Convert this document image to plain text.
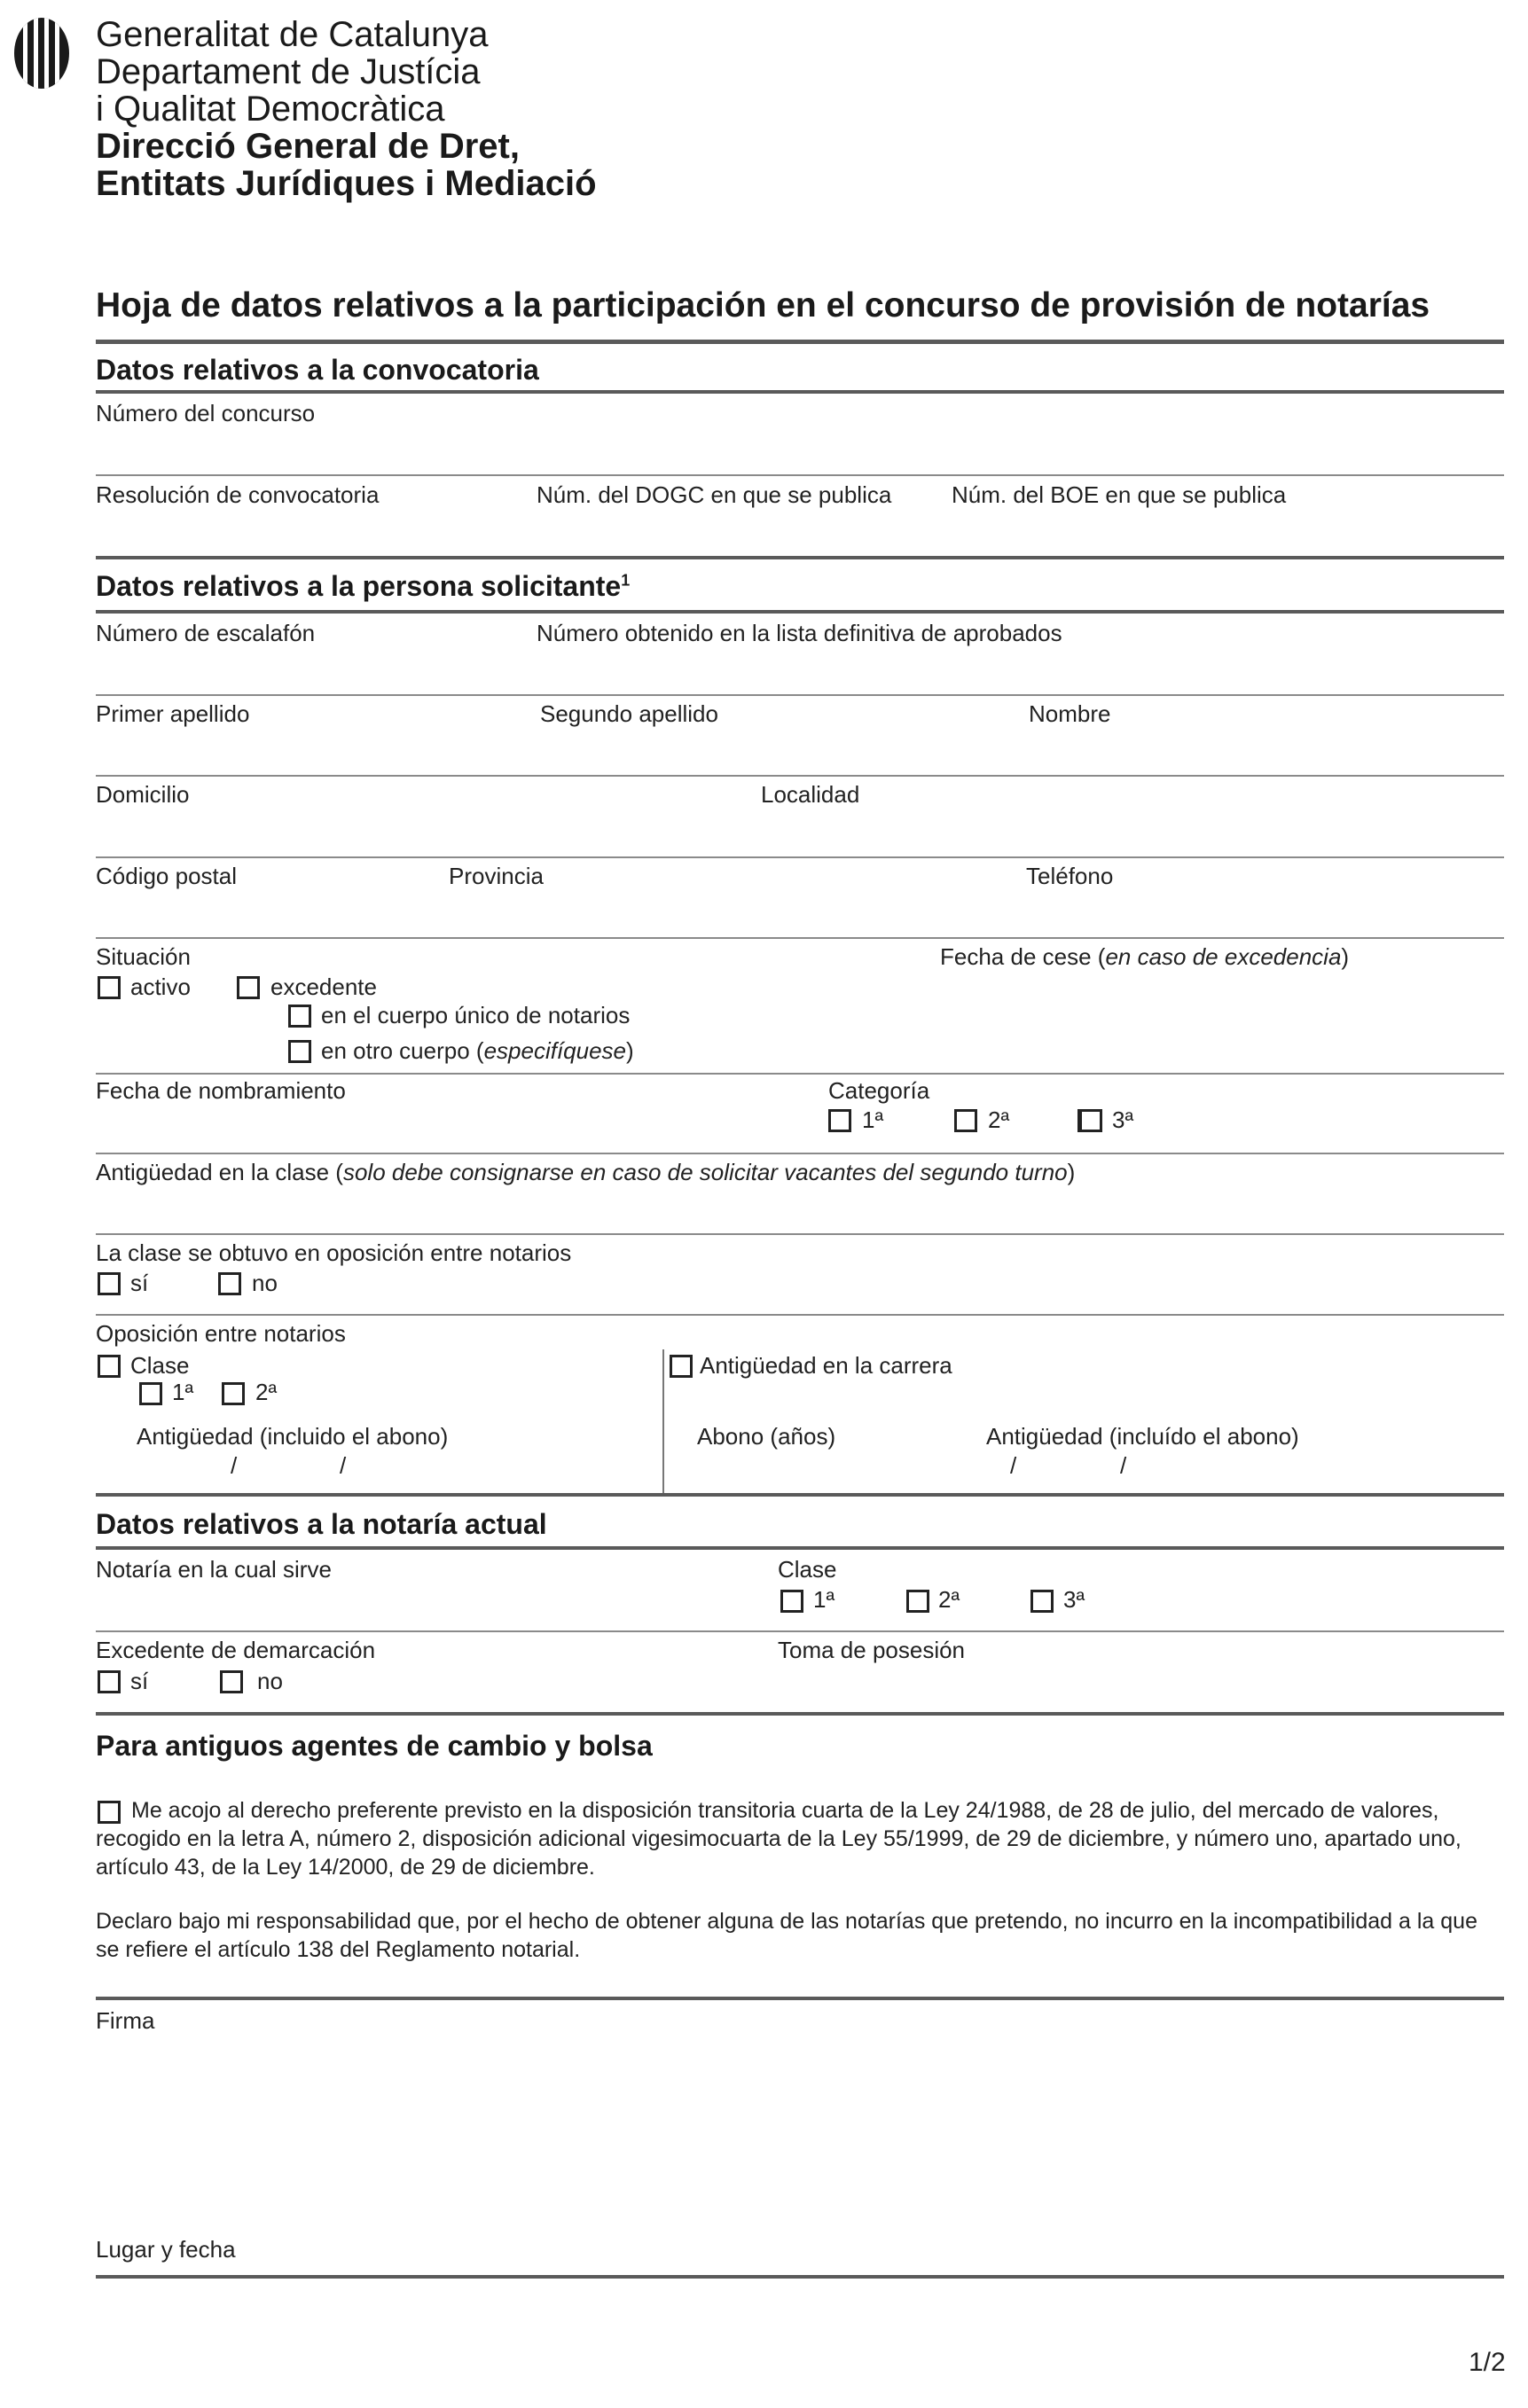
Generalitat de Catalunya
Departament de Justícia
i Qualitat Democràtica
Direcció General de Dret,
Entitats Jurídiques i Mediació
Hoja de datos relativos a la participación en el concurso de provisión de notarías
Datos relativos a la convocatoria
Número del concurso
Resolución de convocatoria	Núm. del DOGC en que se publica	Núm. del BOE en que se publica
Datos relativos a la persona solicitante$^1$
Número de escalafón	Número obtenido en la lista definitiva de aprobados
Primer apellido	Segundo apellido	Nombre
Domicilio	Localidad
Código postal	Provincia	Teléfono
Situación
activo	excedente
en el cuerpo único de notarios
en otro cuerpo (especifíquese)
Fecha de cese (en caso de excedencia)
Fecha de nombramiento	Categoría
1ª	2ª	3ª
Antigüedad en la clase (solo debe consignarse en caso de solicitar vacantes del segundo turno)
La clase se obtuvo en oposición entre notarios
sí	no
Oposición entre notarios
Clase
1ª	2ª
Antigüedad (incluido el abono)
/	/
Antigüedad en la carrera
Abono (años)	Antigüedad (incluído el abono)
/	/
Datos relativos a la notaría actual
Notaría en la cual sirve	Clase
1ª	2ª	3ª
Excedente de demarcación
sí	no
Toma de posesión
Para antiguos agentes de cambio y bolsa
Me acojo al derecho preferente previsto en la disposición transitoria cuarta de la Ley 24/1988, de 28 de julio, del mercado de valores, recogido en la letra A, número 2, disposición adicional vigesimocuarta de la Ley 55/1999, de 29 de diciembre, y número uno, apartado uno, artículo 43, de la Ley 14/2000, de 29 de diciembre.
Declaro bajo mi responsabilidad que, por el hecho de obtener alguna de las notarías que pretendo, no incurro en la incompatibilidad a la que se refiere el artículo 138 del Reglamento notarial.
Firma
Lugar y fecha
1/2
